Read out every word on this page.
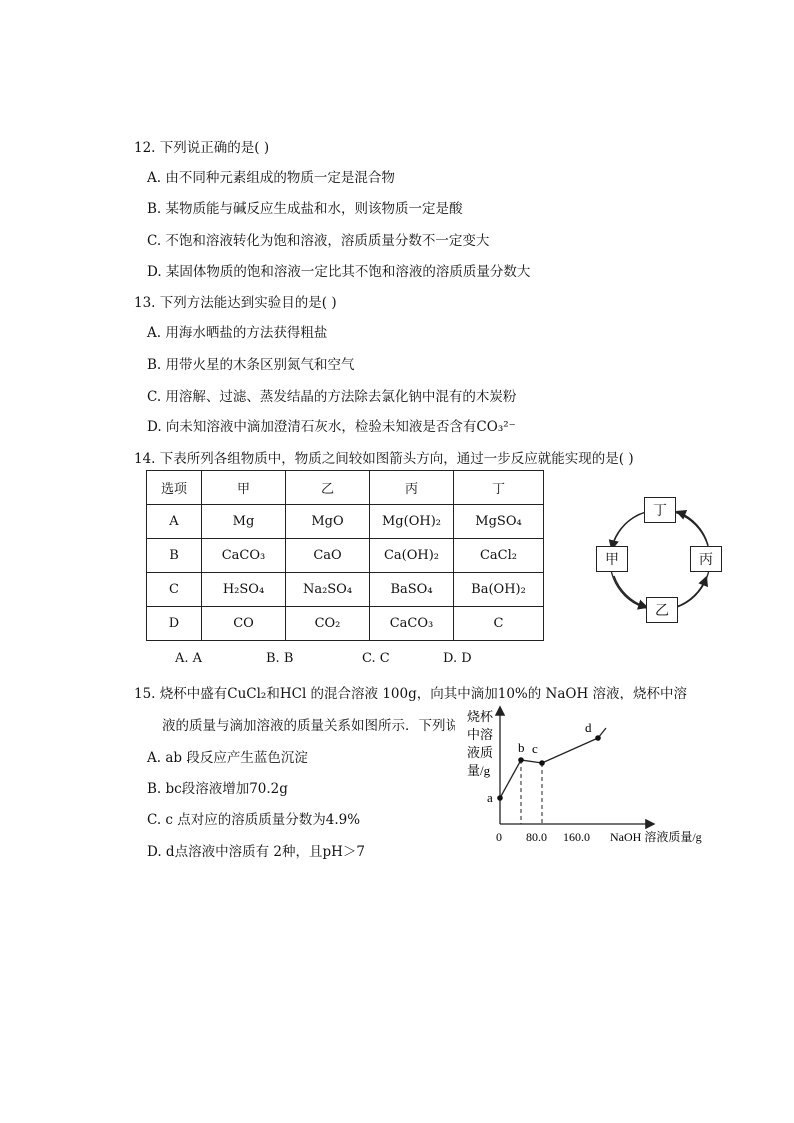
12. 下列说正确的是( )
A. 由不同种元素组成的物质一定是混合物
B. 某物质能与碱反应生成盐和水，则该物质一定是酸
C. 不饱和溶液转化为饱和溶液，溶质质量分数不一定变大
D. 某固体物质的饱和溶液一定比其不饱和溶液的溶质质量分数大
13. 下列方法能达到实验目的是( )
A. 用海水晒盐的方法获得粗盐
B. 用带火星的木条区别氮气和空气
C. 用溶解、过滤、蒸发结晶的方法除去氯化钠中混有的木炭粉
D. 向未知溶液中滴加澄清石灰水，检验未知液是否含有CO₃²⁻
14. 下表所列各组物质中，物质之间较如图箭头方向，通过一步反应就能实现的是( )
选项	甲	乙	丙	丁
A	Mg	MgO	Mg(OH)₂	MgSO₄
B	CaCO₃	CaO	Ca(OH)₂	CaCl₂
C	H₂SO₄	Na₂SO₄	BaSO₄	Ba(OH)₂
D	CO	CO₂	CaCO₃	C
A. A	B. B	C. C	D. D
丁
甲	丙
乙
15. 烧杯中盛有CuCl₂和HCl 的混合溶液 100g，向其中滴加10%的 NaOH 溶液，烧杯中溶
液的质量与滴加溶液的质量关系如图所示．下列说
A. ab 段反应产生蓝色沉淀
B. bc段溶液增加70.2g
C. c 点对应的溶质质量分数为4.9%
D. d点溶液中溶质有 2种，且pH＞7
烧杯
中溶
液质
量/g
0 80.0 160.0 NaOH 溶液质量/g
a
b c
d
